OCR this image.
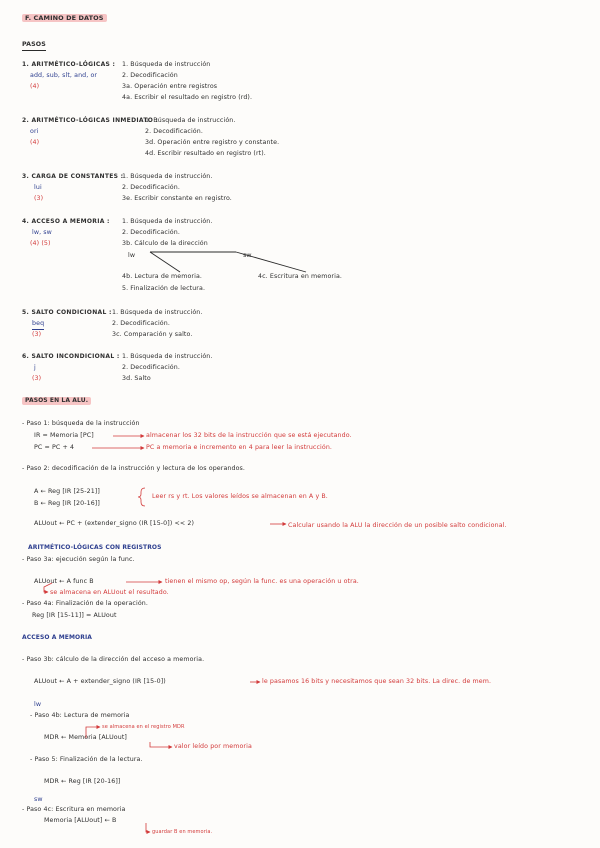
F. CAMINO DE DATOS
PASOS
1. ARITMÉTICO-LÓGICAS :
add, sub, slt, and, or
(4)
1. Búsqueda de instrucción
2. Decodificación
3a. Operación entre registros
4a. Escribir el resultado en registro (rd).
2. ARITMÉTICO-LÓGICAS INMEDIATO :
ori
(4)
1. Búsqueda de instrucción.
2. Decodificación.
3d. Operación entre registro y constante.
4d. Escribir resultado en registro (rt).
3. CARGA DE CONSTANTES :
lui
(3)
1. Búsqueda de instrucción.
2. Decodificación.
3e. Escribir constante en registro.
4. ACCESO A MEMORIA :
lw, sw
(4) (5)
1. Búsqueda de instrucción.
2. Decodificación.
3b. Cálculo de la dirección
lw	sw
4b. Lectura de memoria.	4c. Escritura en memoria.
5. Finalización de lectura.
5. SALTO CONDICIONAL :
beq
(3)
1. Búsqueda de instrucción.
2. Decodificación.
3c. Comparación y salto.
6. SALTO INCONDICIONAL :
j
(3)
1. Búsqueda de instrucción.
2. Decodificación.
3d. Salto
PASOS EN LA ALU.
- Paso 1: búsqueda de la instrucción
IR = Memoria [PC]	almacenar los 32 bits de la instrucción que se está ejecutando.
PC = PC + 4	PC a memoria e incremento en 4 para leer la instrucción.
- Paso 2: decodificación de la instrucción y lectura de los operandos.
A ← Reg [IR [25-21]]
B ← Reg [IR [20-16]]
Leer rs y rt. Los valores leídos se almacenan en A y B.
ALUout ← PC + (extender_signo (IR [15-0]) << 2)	Calcular usando la ALU la dirección de un posible salto condicional.
ARITMÉTICO-LÓGICAS CON REGISTROS
- Paso 3a: ejecución según la func.
ALUout ← A func B	tienen el mismo op, según la func. es una operación u otra.
se almacena en ALUout el resultado.
- Paso 4a: Finalización de la operación.
Reg [IR [15-11]] = ALUout
ACCESO A MEMORIA
- Paso 3b: cálculo de la dirección del acceso a memoria.
ALUout ← A + extender_signo (IR [15-0])	le pasamos 16 bits y necesitamos que sean 32 bits. La direc. de mem.
lw
- Paso 4b: Lectura de memoria
se almacena en el registro MDR
MDR ← Memoria [ALUout]
valor leído por memoria
- Paso 5: Finalización de la lectura.
MDR ← Reg [IR [20-16]]
sw
- Paso 4c: Escritura en memoria
Memoria [ALUout] ← B
guardar B en memoria.
